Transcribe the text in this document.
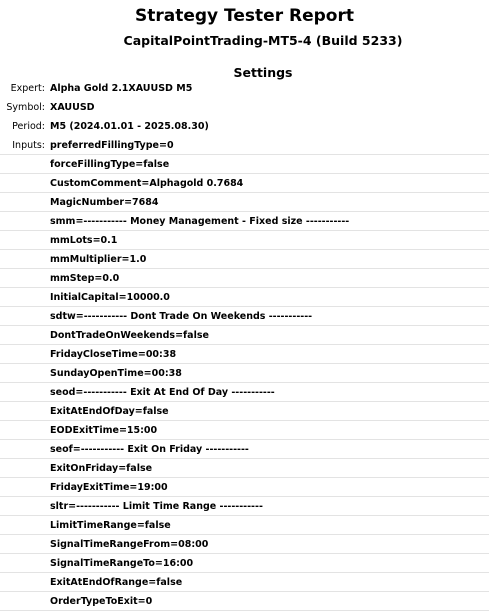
Strategy Tester Report
CapitalPointTrading-MT5-4 (Build 5233)
Settings
Expert: Alpha Gold 2.1XAUUSD M5
Symbol: XAUUSD
Period: M5 (2024.01.01 - 2025.08.30)
Inputs: preferredFillingType=0
forceFillingType=false
CustomComment=Alphagold 0.7684
MagicNumber=7684
smm=----------- Money Management - Fixed size -----------
mmLots=0.1
mmMultiplier=1.0
mmStep=0.0
InitialCapital=10000.0
sdtw=----------- Dont Trade On Weekends -----------
DontTradeOnWeekends=false
FridayCloseTime=00:38
SundayOpenTime=00:38
seod=----------- Exit At End Of Day -----------
ExitAtEndOfDay=false
EODExitTime=15:00
seof=----------- Exit On Friday -----------
ExitOnFriday=false
FridayExitTime=19:00
sltr=----------- Limit Time Range -----------
LimitTimeRange=false
SignalTimeRangeFrom=08:00
SignalTimeRangeTo=16:00
ExitAtEndOfRange=false
OrderTypeToExit=0
